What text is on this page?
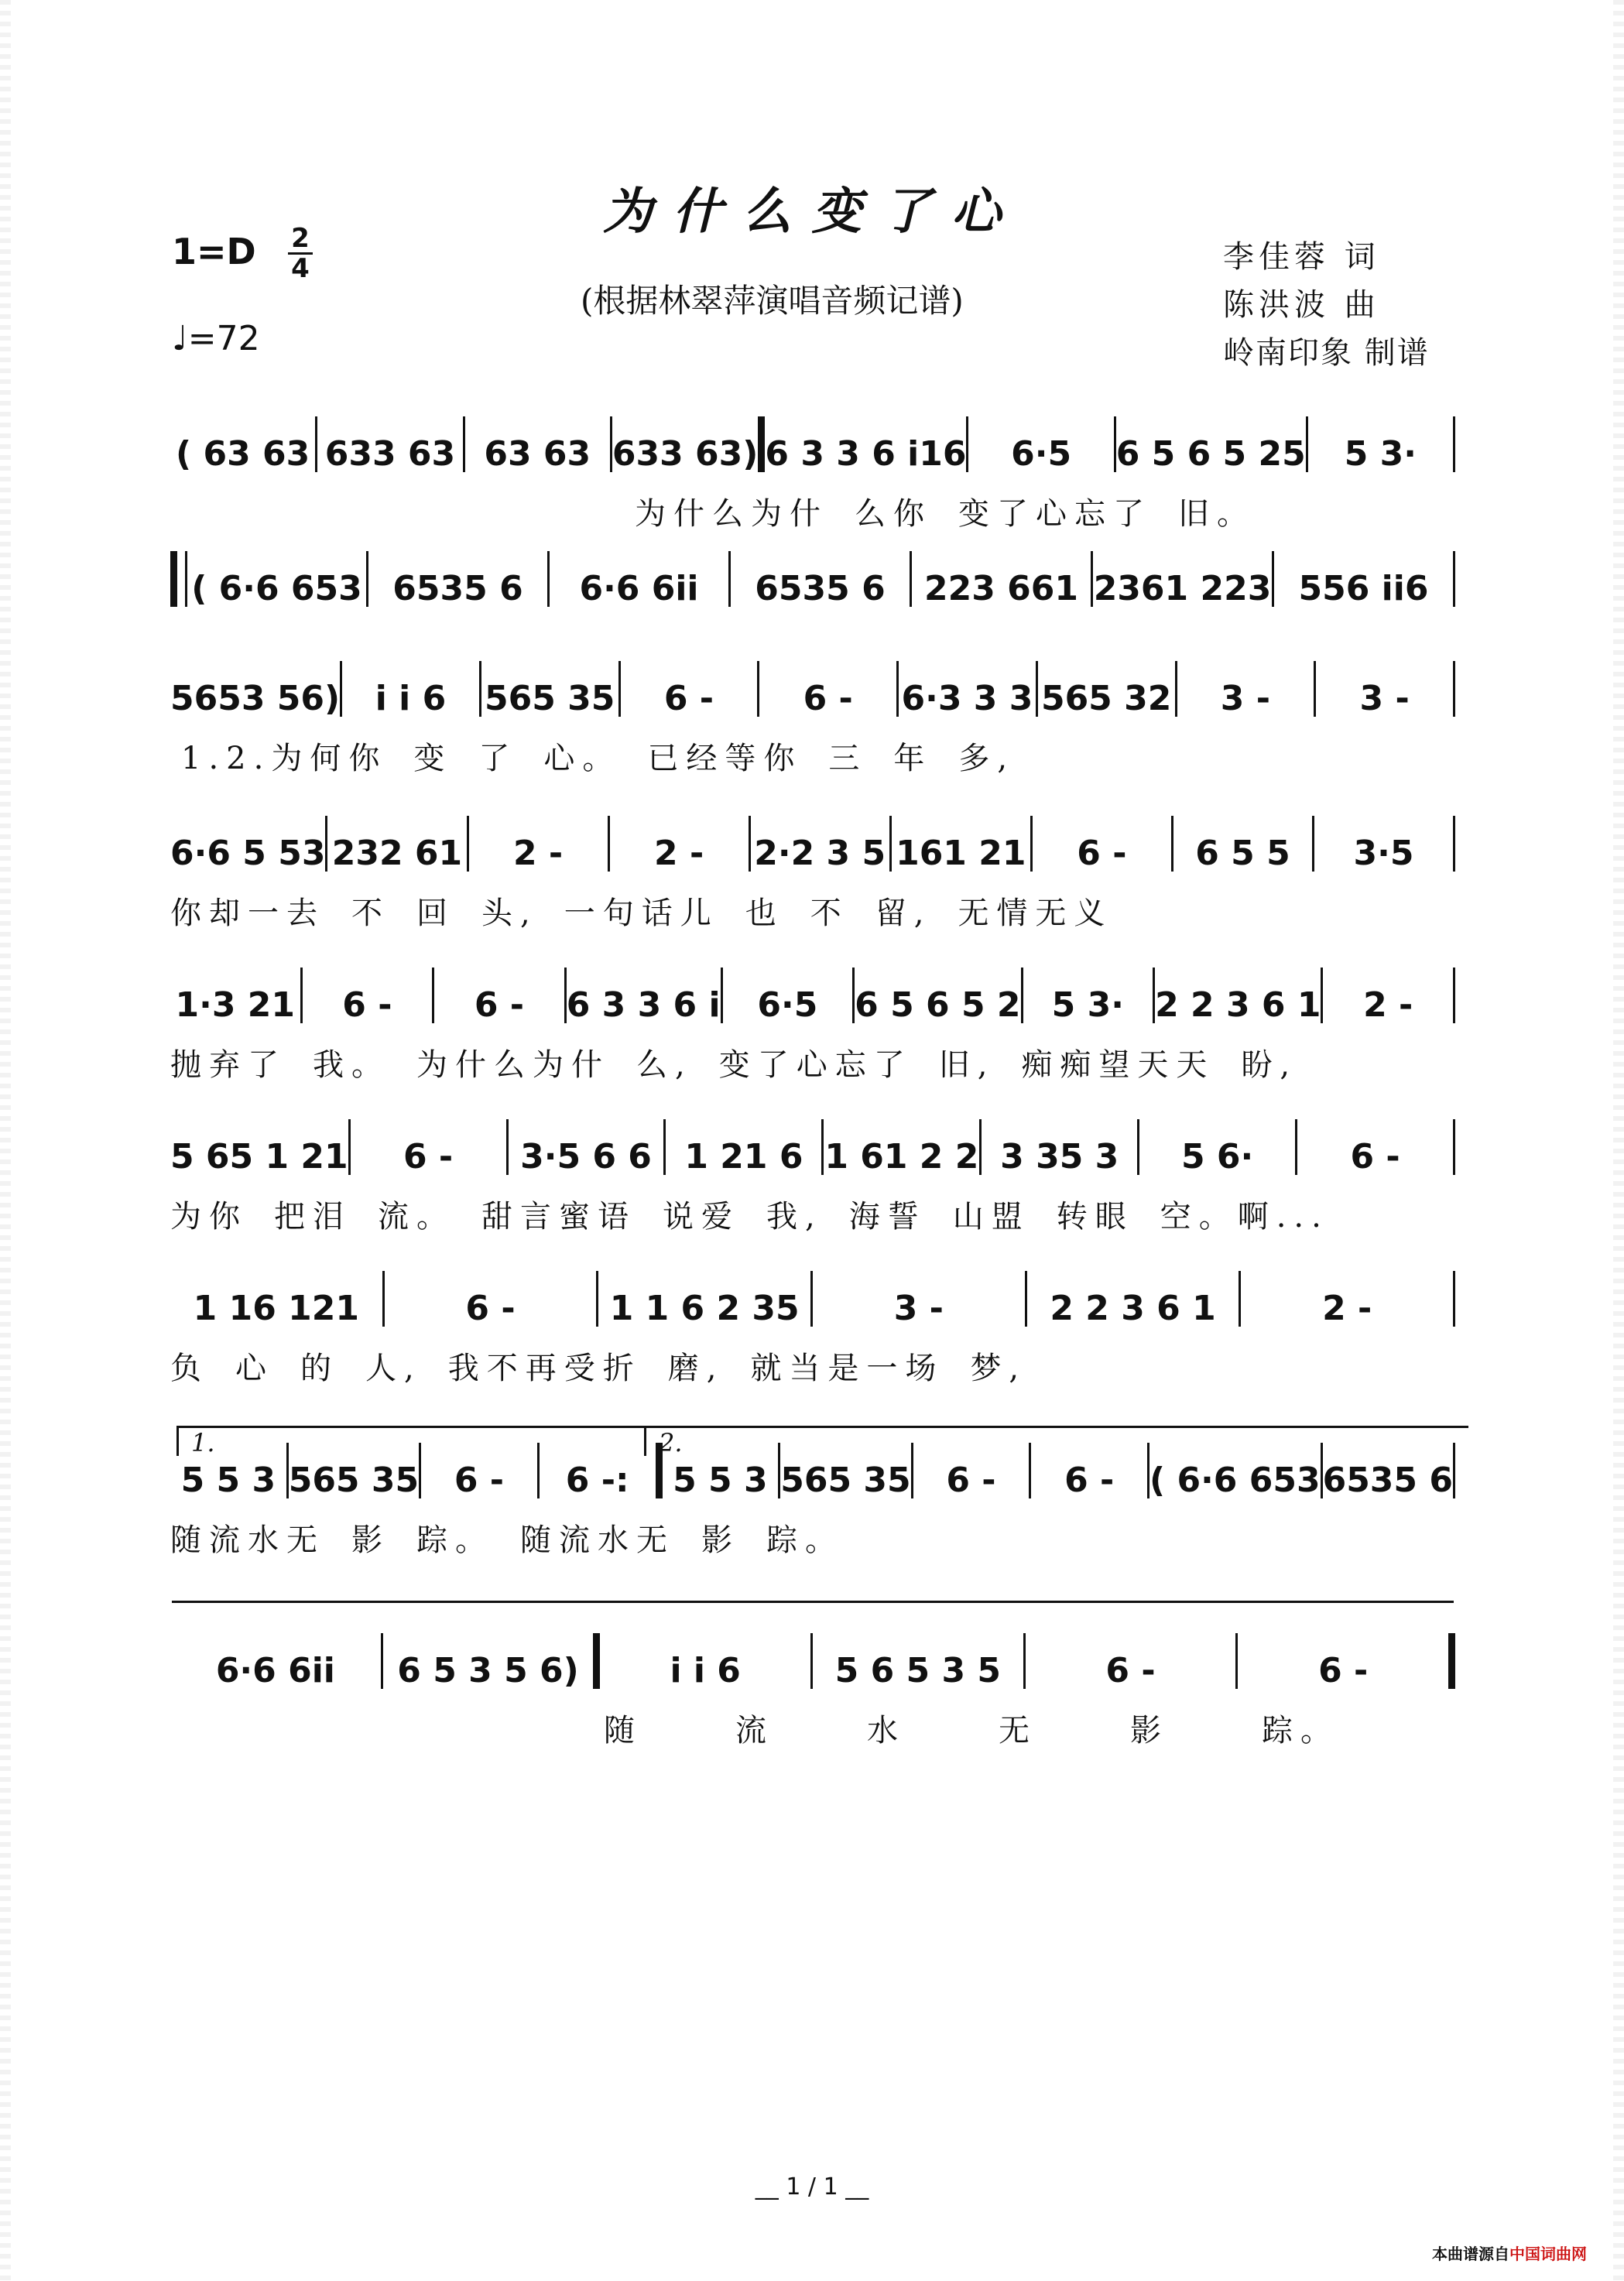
为什么变了心
1=D 2
4
♩=72
(根据林翠萍演唱音频记谱)
李佳蓉 词
陈洪波 曲
岭南印象 制谱
( 63 63 633 63 63 63 633 63) 6 3 3 6 i16	6·5	6 5 6 5 25	5 3·
为什么为什 么你 变了心忘了 旧。
( 6·6 653 6535 6	6·6 6ii	6535 6	223 661 2361 223 556 ii6
5653 56)	i i 6	565 35	6 -	6 -	6·3 3 3 565 32	3 -	3 -
1.2.为何你 变 了 心。 已经等你 三 年 多,
6·6 5 53 232 61	2 -	2 -	2·2 3 5 161 21	6 -	6 5 5	3·5
你却一去 不 回 头, 一句话儿 也 不 留, 无情无义
1·3 21	6 -	6 -	6 3 3 6 i	6·5	6 5 6 5 2 5 3· 2 2 3 6 1	2 -
抛弃了 我。 为什么为什 么, 变了心忘了 旧, 痴痴望天天 盼,
5 65 1 21	6 -	3·5 6 6 1 21 6 1 61 2 2 3 35 3	5 6·	6 -
为你 把泪 流。 甜言蜜语 说爱 我, 海誓 山盟 转眼 空。啊...
1 16 121	6 -	1 1 6 2 35	3 -	2 2 3 6 1	2 -
负 心 的 人, 我不再受折 磨, 就当是一场 梦,
5 5 3 565 35	6 -	6 -:	5 5 3 565 35	6 -	6 -	( 6·6 653 6535 6
随流水无 影 踪。 随流水无 影 踪。
6·6 6ii	6 5 3 5 6)	i i 6	5 6 5 3 5	6 -	6 -
随	流	水	无	影	踪。
1.	2.
__ 1 / 1 __
本曲谱源自中国词曲网
